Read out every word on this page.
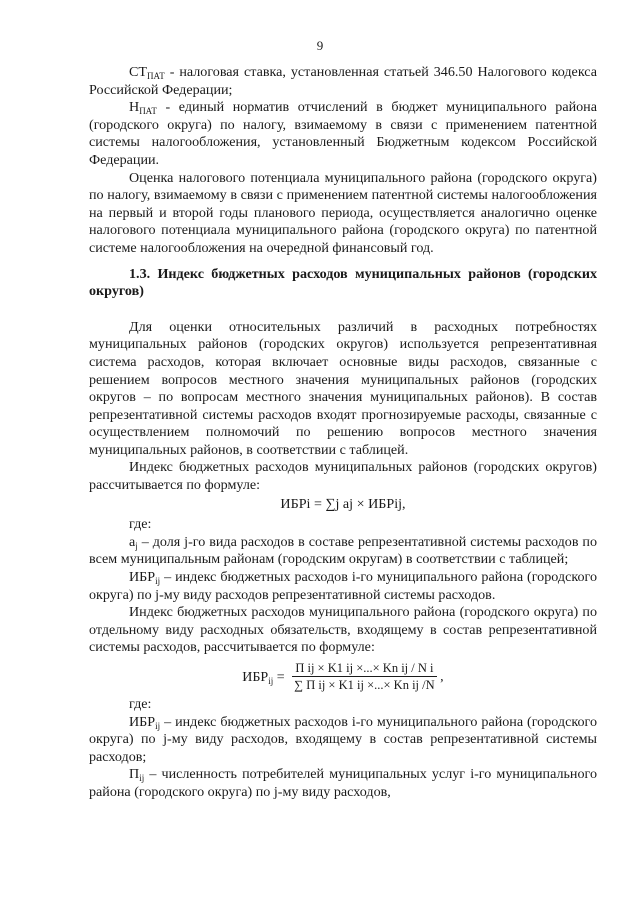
9

$СТ_{ПАТ}$ - налоговая ставка, установленная статьей 346.50 Налогового кодекса Российской Федерации;

$Н_{ПАТ}$ - единый норматив отчислений в бюджет муниципального района (городского округа) по налогу, взимаемому в связи с применением патентной системы налогообложения, установленный Бюджетным кодексом Российской Федерации.

Оценка налогового потенциала муниципального района (городского округа) по налогу, взимаемому в связи с применением патентной системы налогообложения на первый и второй годы планового периода, осуществляется аналогично оценке налогового потенциала муниципального района (городского округа) по патентной системе налогообложения на очередной финансовый год.

1.3. Индекс бюджетных расходов муниципальных районов (городских округов)

Для оценки относительных различий в расходных потребностях муниципальных районов (городских округов) используется репрезентативная система расходов, которая включает основные виды расходов, связанные с решением вопросов местного значения муниципальных районов (городских округов – по вопросам местного значения муниципальных районов). В состав репрезентативной системы расходов входят прогнозируемые расходы, связанные с осуществлением полномочий по решению вопросов местного значения муниципальных районов, в соответствии с таблицей.

Индекс бюджетных расходов муниципальных районов (городских округов) рассчитывается по формуле:

ИБРi = ∑j aj × ИБРij,

где:

$a_j$ – доля j-го вида расходов в составе репрезентативной системы расходов по всем муниципальным районам (городским округам) в соответствии с таблицей;

$ИБР_{ij}$ – индекс бюджетных расходов i-го муниципального района (городского округа) по j-му виду расходов репрезентативной системы расходов.

Индекс бюджетных расходов муниципального района (городского округа) по отдельному виду расходных обязательств, входящему в состав репрезентативной системы расходов, рассчитывается по формуле:

$ИБР_{ij} = \frac{\text{П ij × K1 ij ×...× Kn ij / N i}}{\text{∑ П ij × K1 ij ×...× Kn ij /N}}$ ,

где:

$ИБР_{ij}$ – индекс бюджетных расходов i-го муниципального района (городского округа) по j-му виду расходов, входящему в состав репрезентативной системы расходов;

$П_{ij}$ – численность потребителей муниципальных услуг i-го муниципального района (городского округа) по j-му виду расходов,
